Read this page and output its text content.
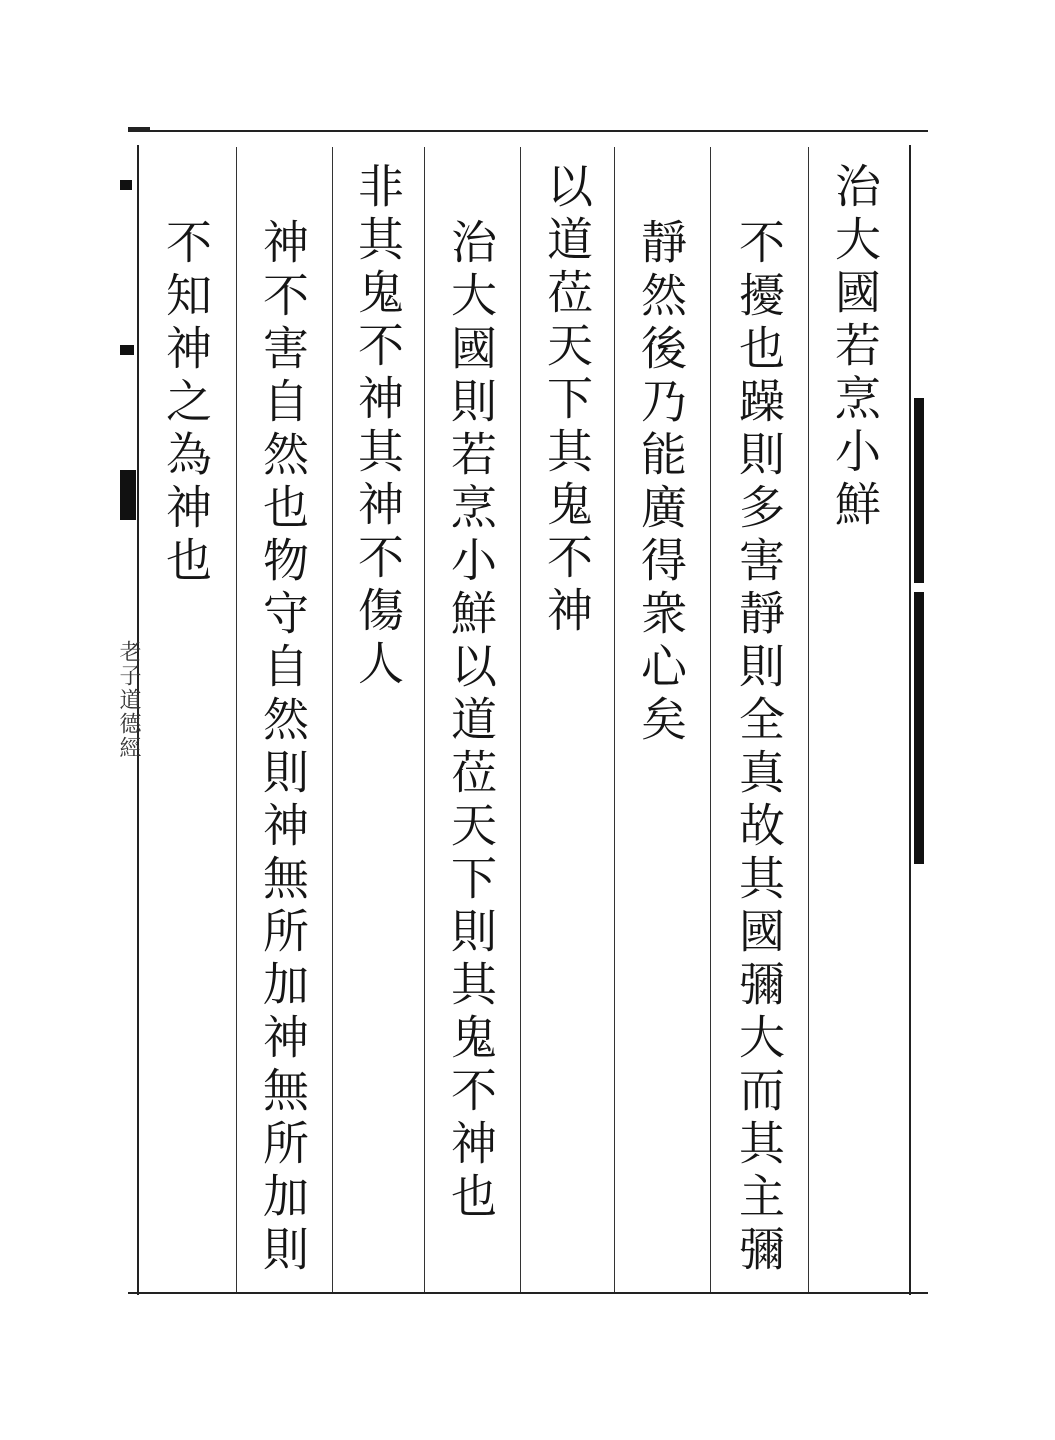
老子道德經
治大國若烹小鮮
不擾也躁則多害靜則全真故其國彌大而其主彌
靜然後乃能廣得衆心矣
以道莅天下其鬼不神
治大國則若烹小鮮以道莅天下則其鬼不神也
非其鬼不神其神不傷人
神不害自然也物守自然則神無所加神無所加則
不知神之為神也
